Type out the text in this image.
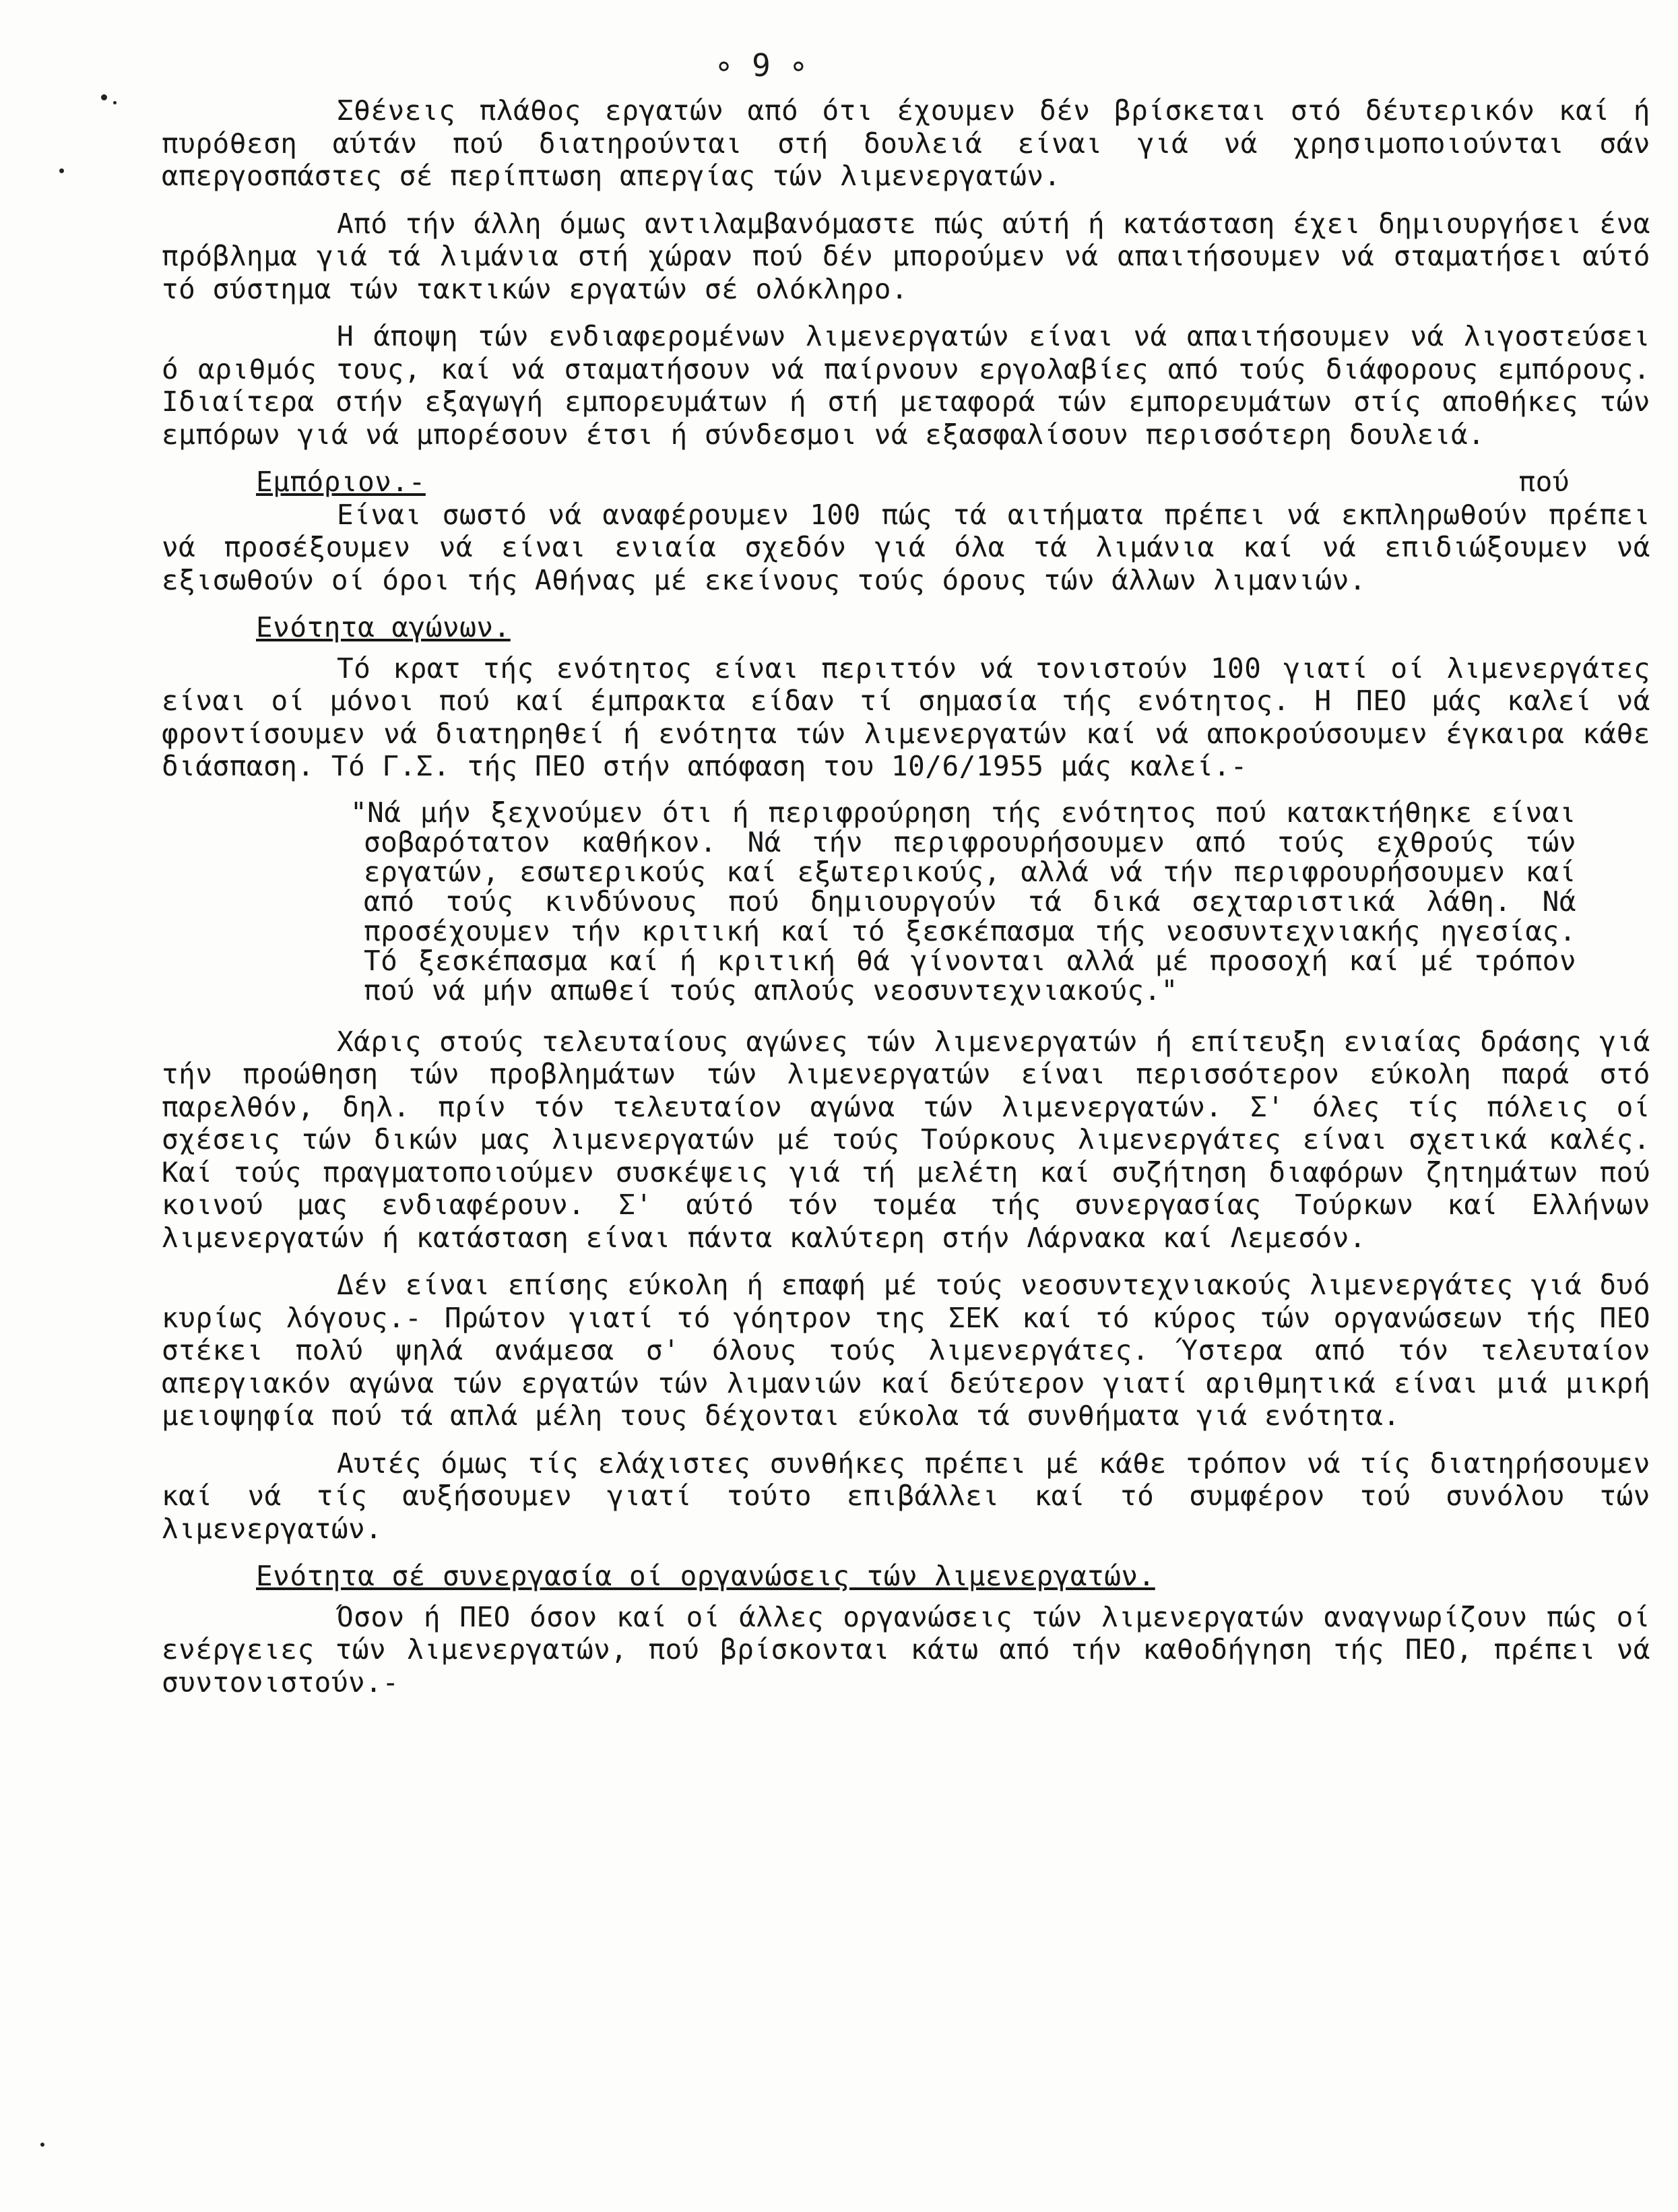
∘ 9 ∘

Σθένεις πλάθος εργατών από ότι έχουμεν δέν βρίσκεται στό δέυτερικόν καί ή πυρόθεση αύτάν πού διατηρούνται στή δουλειά είναι γιά νά χρησιμοποιούνται σάν απεργοσπάστες σέ περίπτωση απεργίας τών λιμενεργατών.

Από τήν άλλη όμως αντιλαμβανόμαστε πώς αύτή ή κατάσταση έχει δημιουργήσει ένα πρόβλημα γιά τά λιμάνια στή χώραν πού δέν μπορούμεν νά απαιτήσουμεν νά σταματήσει αύτό τό σύστημα τών τακτικών εργατών σέ ολόκληρο.

Η άποψη τών ενδιαφερομένων λιμενεργατών είναι νά απαιτήσουμεν νά λιγοστεύσει ό αριθμός τους, καί νά σταματήσουν νά παίρνουν εργολαβίες από τούς διάφορους εμπόρους. Ιδιαίτερα στήν εξαγωγή εμπορευμάτων ή στή μεταφορά τών εμπορευμάτων στίς αποθήκες τών εμπόρων γιά νά μπορέσουν έτσι ή σύνδεσμοι νά εξασφαλίσουν περισσότερη δουλειά.

Εμπόριον.-	πού

Είναι σωστό νά αναφέρουμεν 100 πώς τά αιτήματα πρέπει νά εκπληρωθούν πρέπει νά προσέξουμεν νά είναι ενιαία σχεδόν γιά όλα τά λιμάνια καί νά επιδιώξουμεν νά εξισωθούν οί όροι τής Αθήνας μέ εκείνους τούς όρους τών άλλων λιμανιών.

Ενότητα αγώνων.

Τό κρατ τής ενότητος είναι περιττόν νά τονιστούν 100 γιατί οί λιμενεργάτες είναι οί μόνοι πού καί έμπρακτα είδαν τί σημασία τής ενότητος. Η ΠΕΟ μάς καλεί νά φροντίσουμεν νά διατηρηθεί ή ενότητα τών λιμενεργατών καί νά αποκρούσουμεν έγκαιρα κάθε διάσπαση. Τό Γ.Σ. τής ΠΕΟ στήν απόφαση του 10/6/1955 μάς καλεί.-

"Νά μήν ξεχνούμεν ότι ή περιφρούρηση τής ενότητος πού κατακτήθηκε είναι σοβαρότατον καθήκον. Νά τήν περιφρουρήσουμεν από τούς εχθρούς τών εργατών, εσωτερικούς καί εξωτερικούς, αλλά νά τήν περιφρουρήσουμεν καί από τούς κινδύνους πού δημιουργούν τά δικά σεχταριστικά λάθη. Νά προσέχουμεν τήν κριτική καί τό ξεσκέπασμα τής νεοσυντεχνιακής ηγεσίας. Τό ξεσκέπασμα καί ή κριτική θά γίνονται αλλά μέ προσοχή καί μέ τρόπον πού νά μήν απωθεί τούς απλούς νεοσυντεχνιακούς."

Χάρις στούς τελευταίους αγώνες τών λιμενεργατών ή επίτευξη ενιαίας δράσης γιά τήν προώθηση τών προβλημάτων τών λιμενεργατών είναι περισσότερον εύκολη παρά στό παρελθόν, δηλ. πρίν τόν τελευταίον αγώνα τών λιμενεργατών. Σ' όλες τίς πόλεις οί σχέσεις τών δικών μας λιμενεργατών μέ τούς Τούρκους λιμενεργάτες είναι σχετικά καλές. Καί τούς πραγματοποιούμεν συσκέψεις γιά τή μελέτη καί συζήτηση διαφόρων ζητημάτων πού κοινού μας ενδιαφέρουν. Σ' αύτό τόν τομέα τής συνεργασίας Τούρκων καί Ελλήνων λιμενεργατών ή κατάσταση είναι πάντα καλύτερη στήν Λάρνακα καί Λεμεσόν.

Δέν είναι επίσης εύκολη ή επαφή μέ τούς νεοσυντεχνιακούς λιμενεργάτες γιά δυό κυρίως λόγους.- Πρώτον γιατί τό γόητρον της ΣΕΚ καί τό κύρος τών οργανώσεων τής ΠΕΟ στέκει πολύ ψηλά ανάμεσα σ' όλους τούς λιμενεργάτες. Ύστερα από τόν τελευταίον απεργιακόν αγώνα τών εργατών τών λιμανιών καί δεύτερον γιατί αριθμητικά είναι μιά μικρή μειοψηφία πού τά απλά μέλη τους δέχονται εύκολα τά συνθήματα γιά ενότητα.

Αυτές όμως τίς ελάχιστες συνθήκες πρέπει μέ κάθε τρόπον νά τίς διατηρήσουμεν καί νά τίς αυξήσουμεν γιατί τούτο επιβάλλει καί τό συμφέρον τού συνόλου τών λιμενεργατών.

Ενότητα σέ συνεργασία οί οργανώσεις τών λιμενεργατών.

Όσον ή ΠΕΟ όσον καί οί άλλες οργανώσεις τών λιμενεργατών αναγνωρίζουν πώς οί ενέργειες τών λιμενεργατών, πού βρίσκονται κάτω από τήν καθοδήγηση τής ΠΕΟ, πρέπει νά συντονιστούν.-
